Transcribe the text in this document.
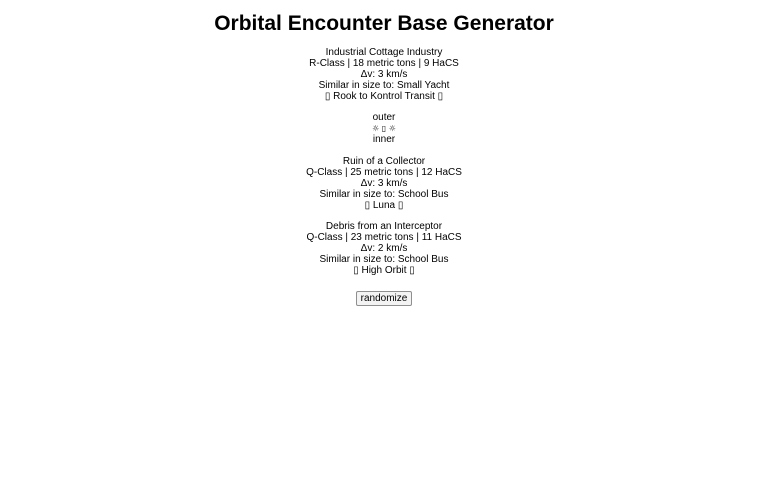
Orbital Encounter Base Generator
Industrial Cottage Industry
R-Class | 18 metric tons | 9 HaCS
Δv: 3 km/s
Similar in size to: Small Yacht
▯ Rook to Kontrol Transit ▯
outer
☼ ▯ ☼
inner
Ruin of a Collector
Q-Class | 25 metric tons | 12 HaCS
Δv: 3 km/s
Similar in size to: School Bus
▯ Luna ▯
Debris from an Interceptor
Q-Class | 23 metric tons | 11 HaCS
Δv: 2 km/s
Similar in size to: School Bus
▯ High Orbit ▯
randomize
